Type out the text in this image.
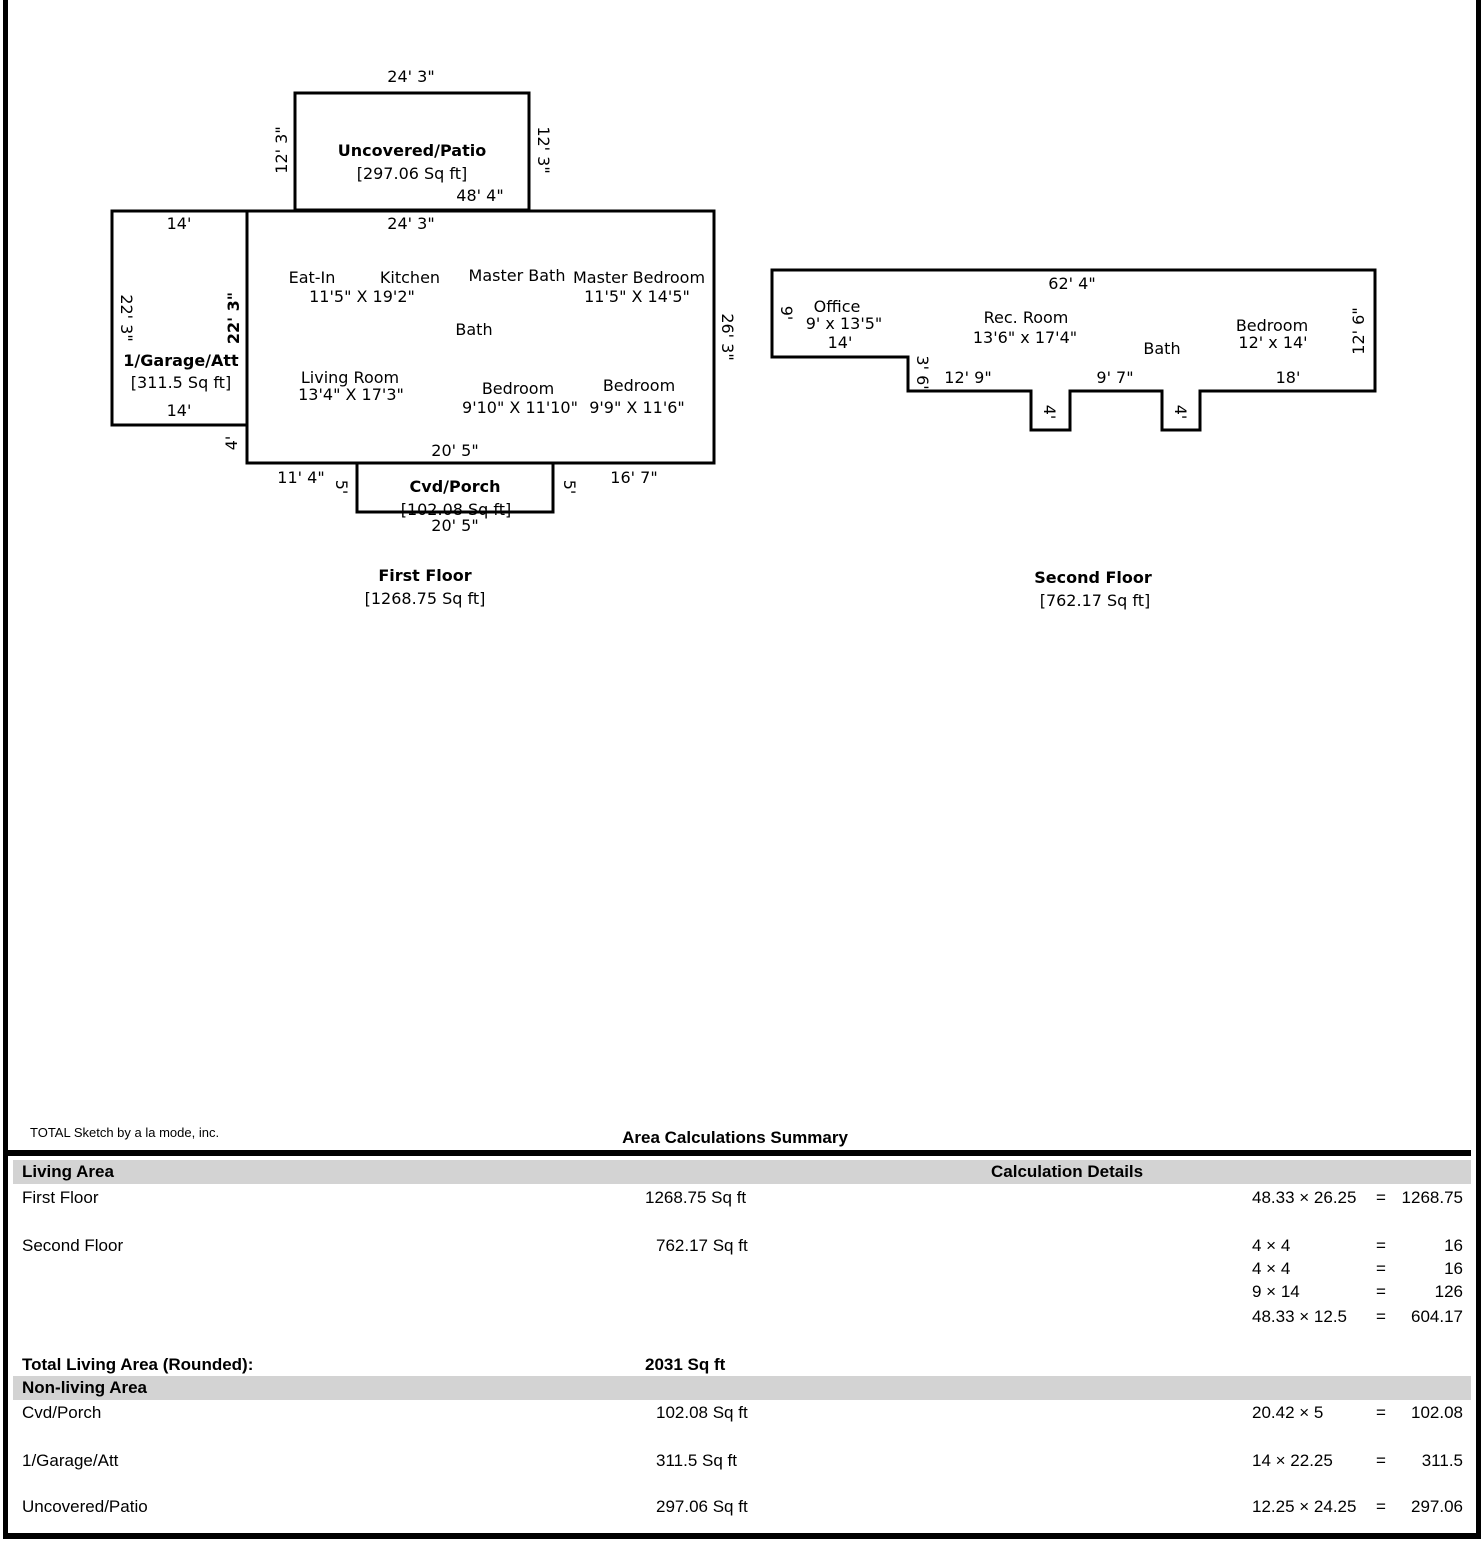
Uncovered/Patio
[297.06 Sq ft]
1/Garage/Att
[311.5 Sq ft]
Cvd/Porch
[102.08 Sq ft]
Eat-In	Kitchen
11'5" X 19'2"
Master Bath Master Bedroom
11'5" X 14'5"
Bath
Living Room
13'4" X 17'3"	Bedroom
9'10" X 11'10"
Bedroom
9'9" X 11'6"
24' 3"
12' 3"	12' 3"
48' 4"
24' 3"
14'
22' 3"	22' 3"
14'
26' 3"
4'	20' 5"
11' 4"	16' 7"
5'	5'
20' 5"
First Floor
[1268.75 Sq ft]
Office
9' x 13'5"	Rec. Room
13'6" x 17'4"
Bath
Bedroom
12' x 14'
62' 4"
9'
14'
3' 6" 12' 9"	9' 7"	18'
12' 6"
4'	4'
Second Floor
[762.17 Sq ft]
TOTAL Sketch by a la mode, inc.	Area Calculations Summary
Living Area	Calculation Details
First Floor	1268.75 Sq ft	48.33 × 26.25 = 1268.75
Second Floor	762.17 Sq ft	4 × 4	=	16
4 × 4	=	16
9 × 14	=	126
48.33 × 12.5 =	604.17
Total Living Area (Rounded):	2031 Sq ft
Non-living Area
Cvd/Porch	102.08 Sq ft	20.42 × 5	=	102.08
1/Garage/Att	311.5 Sq ft	14 × 22.25	=	311.5
Uncovered/Patio	297.06 Sq ft	12.25 × 24.25 =	297.06
